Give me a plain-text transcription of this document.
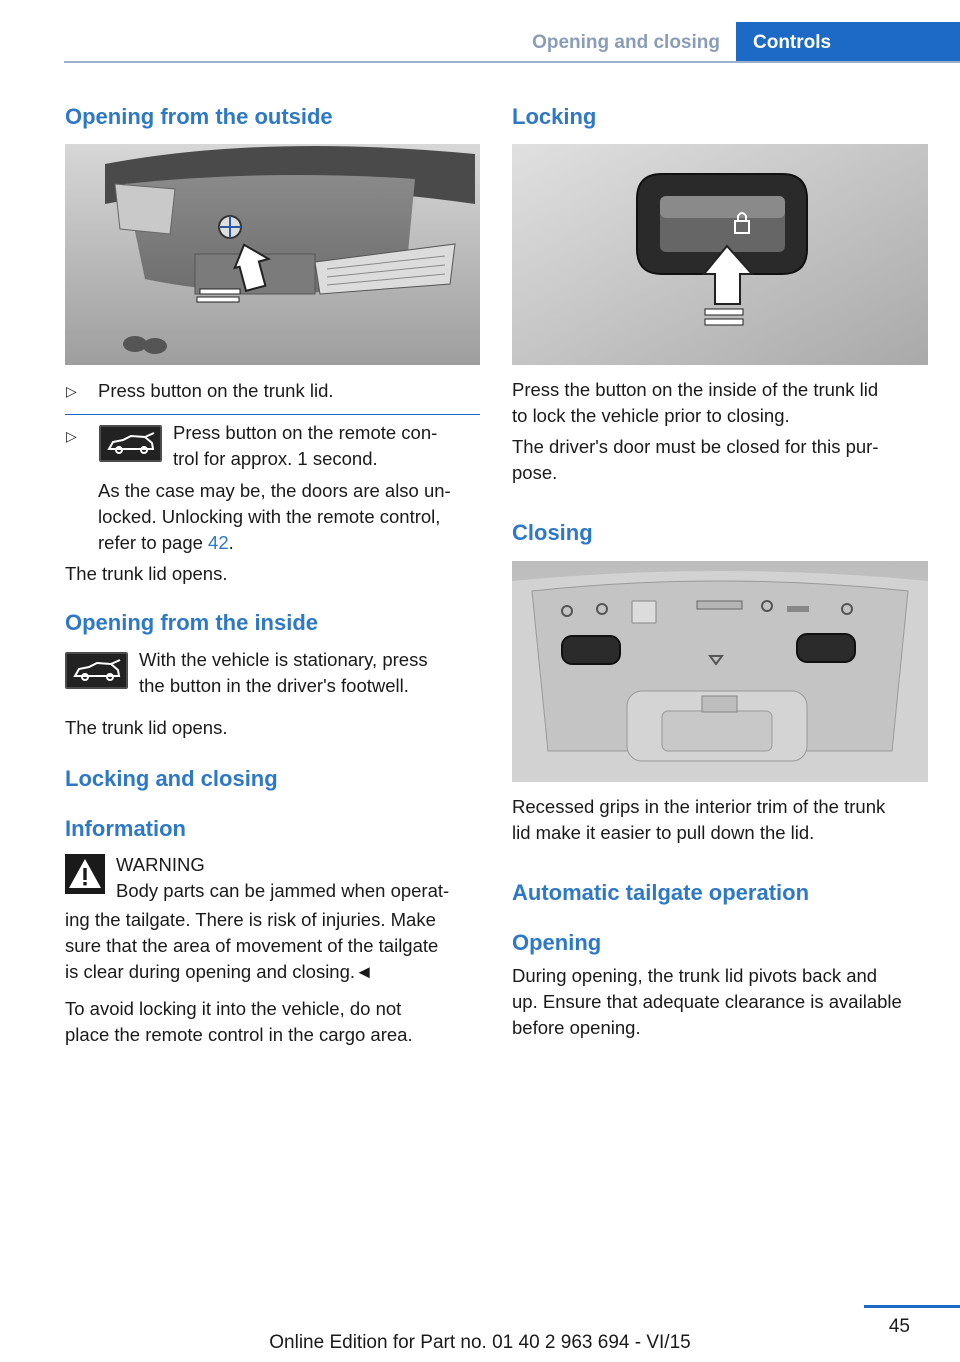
Opening and closing	Controls
Opening from the outside
▷ Press button on the trunk lid.
▷	Press button on the remote con-
trol for approx. 1 second.
As the case may be, the doors are also un-
locked. Unlocking with the remote control,
refer to page 42.
The trunk lid opens.
Opening from the inside
With the vehicle is stationary, press
the button in the driver's footwell.
The trunk lid opens.
Locking and closing
Information
WARNING
Body parts can be jammed when operat-
ing the tailgate. There is risk of injuries. Make
sure that the area of movement of the tailgate
is clear during opening and closing.◄
To avoid locking it into the vehicle, do not
place the remote control in the cargo area.
Locking
Press the button on the inside of the trunk lid
to lock the vehicle prior to closing.
The driver's door must be closed for this pur-
pose.
Closing
Recessed grips in the interior trim of the trunk
lid make it easier to pull down the lid.
Automatic tailgate operation
Opening
During opening, the trunk lid pivots back and
up. Ensure that adequate clearance is available
before opening.
45
Online Edition for Part no. 01 40 2 963 694 - VI/15
